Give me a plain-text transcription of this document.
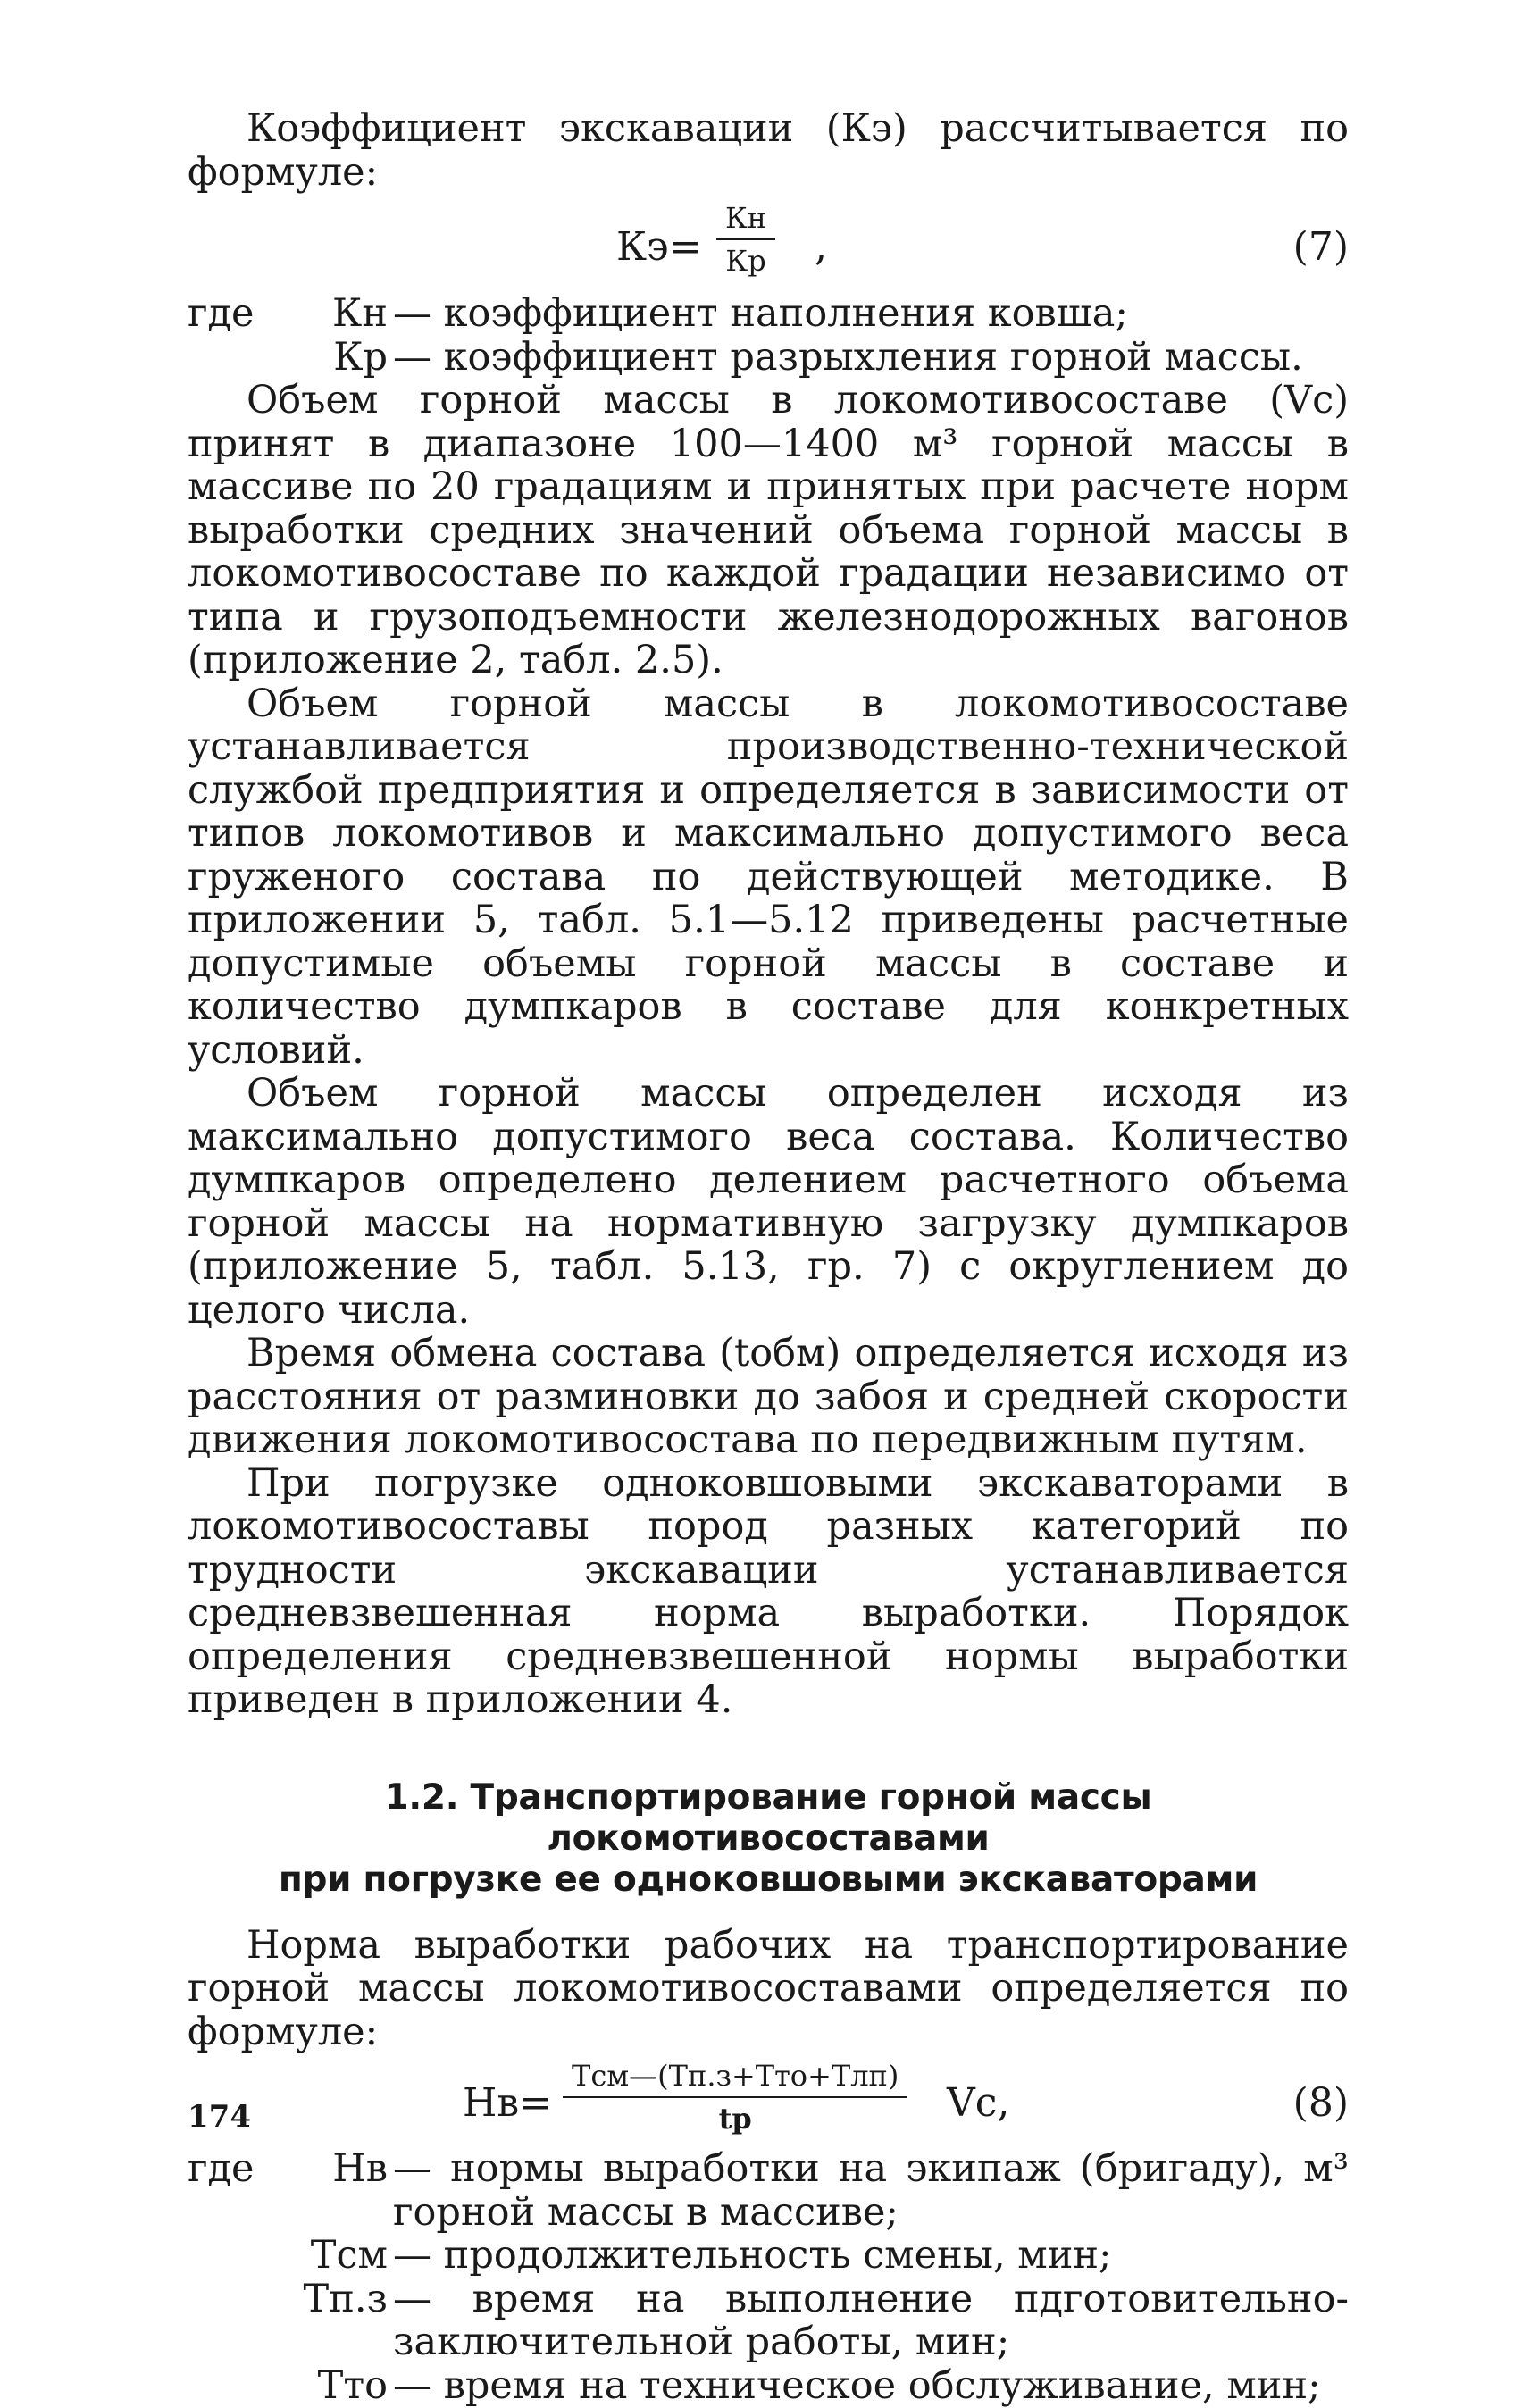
Коэффициент экскавации (Кэ) рассчитывается по формуле:

Кэ=
Кн
Кр ,	(7)
где	Кн — коэффициент наполнения ковша;
Кр — коэффициент разрыхления горной массы.

Объем горной массы в локомотивосоставе (Vc) принят в диапазоне 100—1400 м³ горной массы в массиве по 20 градациям и принятых при расчете норм выработки средних значений объема горной массы в локомотивосоставе по каждой градации независимо от типа и грузоподъемности железнодорожных вагонов (приложение 2, табл. 2.5).

Объем горной массы в локомотивосоставе устанавливается производственно-технической службой предприятия и определяется в зависимости от типов локомотивов и максимально допустимого веса груженого состава по действующей методике. В приложении 5, табл. 5.1—5.12 приведены расчетные допустимые объемы горной массы в составе и количество думпкаров в составе для конкретных условий.

Объем горной массы определен исходя из максимально допустимого веса состава. Количество думпкаров определено делением расчетного объема горной массы на нормативную загрузку думпкаров (приложение 5, табл. 5.13, гр. 7) с округлением до целого числа.

Время обмена состава (tобм) определяется исходя из расстояния от разминовки до забоя и средней скорости движения локомотивосостава по передвижным путям.

При погрузке одноковшовыми экскаваторами в локомотивосоставы пород разных категорий по трудности экскавации устанавливается средневзвешенная норма выработки. Порядок определения средневзвешенной нормы выработки приведен в приложении 4.

1.2. Транспортирование горной массы локомотивосоставами
при погрузке ее одноковшовыми экскаваторами

Норма выработки рабочих на транспортирование горной массы локомотивосоставами определяется по формуле:

Нв=
Тсм—(Тп.з+Тто+Тлп)
tр	Vc,	(8)
где	Нв — нормы выработки на экипаж (бригаду), м³ горной массы в массиве;
Тсм — продолжительность смены, мин;
Тп.з — время на выполнение пдготовительно-заключительной работы, мин;
Тто — время на техническое обслуживание, мин;
174
